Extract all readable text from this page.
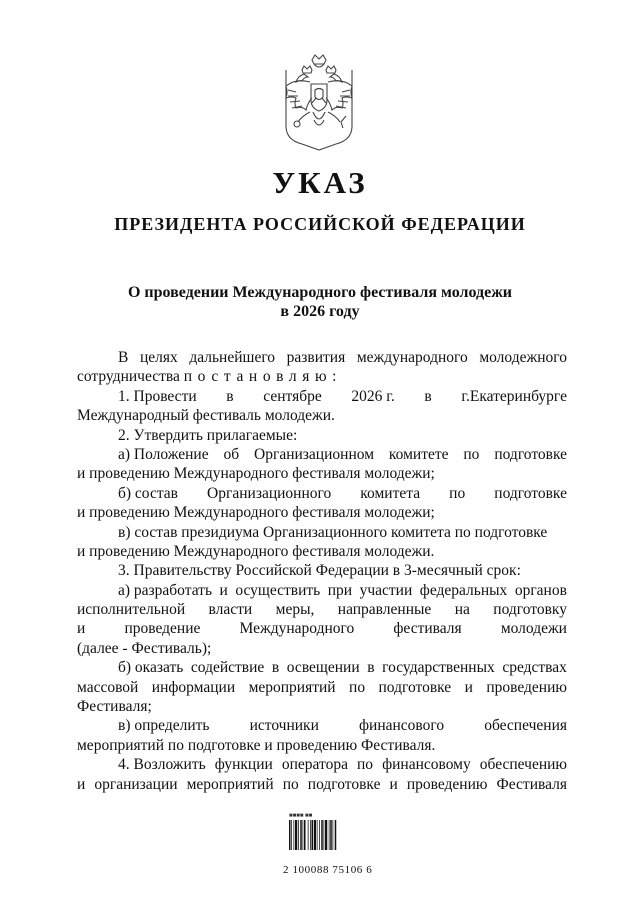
УКАЗ
ПРЕЗИДЕНТА РОССИЙСКОЙ ФЕДЕРАЦИИ
О проведении Международного фестиваля молодежи
в 2026 году
В целях дальнейшего развития международного молодежного
сотрудничества постановляю:
1. Провести в сентябре 2026 г. в г.Екатеринбурге
Международный фестиваль молодежи.
2. Утвердить прилагаемые:
а) Положение об Организационном комитете по подготовке
и проведению Международного фестиваля молодежи;
б) состав Организационного комитета по подготовке
и проведению Международного фестиваля молодежи;
в) состав президиума Организационного комитета по подготовке
и проведению Международного фестиваля молодежи.
3. Правительству Российской Федерации в 3-месячный срок:
а) разработать и осуществить при участии федеральных органов
исполнительной власти меры, направленные на подготовку
и	проведение	Международного	фестиваля	молодежи
(далее - Фестиваль);
б) оказать содействие в освещении в государственных средствах
массовой информации мероприятий по подготовке и проведению
Фестиваля;
в) определить	источники	финансового	обеспечения
мероприятий по подготовке и проведению Фестиваля.
4. Возложить функции оператора по финансовому обеспечению
и организации мероприятий по подготовке и проведению Фестиваля
■■■■ ■■
2 100088 75106 6
